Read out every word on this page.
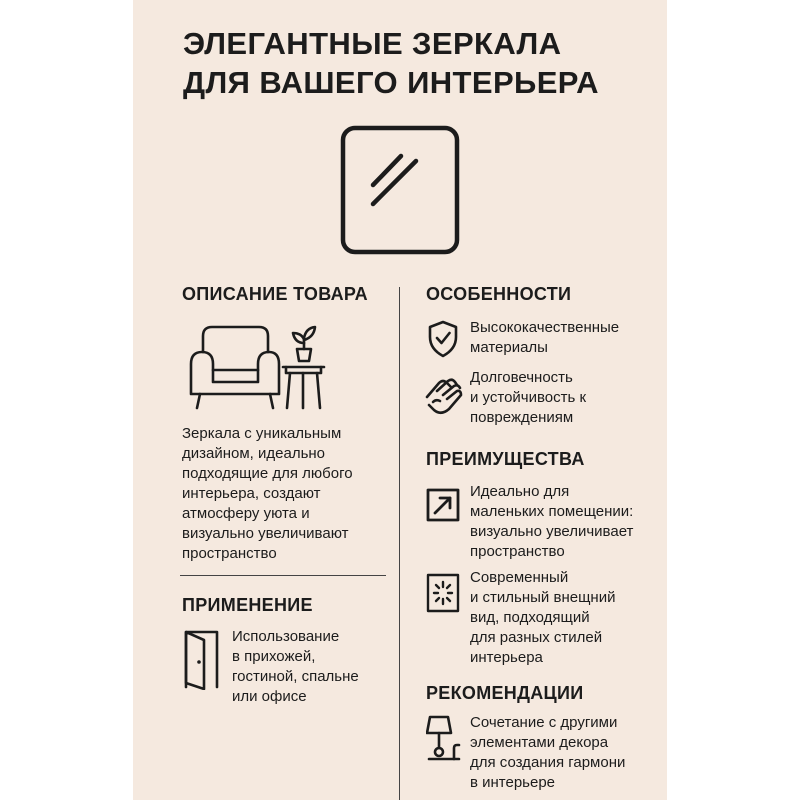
ЭЛЕГАНТНЫЕ ЗЕРКАЛА
ДЛЯ ВАШЕГО ИНТЕРЬЕРА
ОПИСАНИЕ ТОВАРА
Зеркала с уникальным
дизайном, идеально
подходящие для любого
интерьера, создают
атмосферу уюта и
визуально увеличивают
пространство
ПРИМЕНЕНИЕ
Использование
в прихожей,
гостиной, спальне
или офисе
ОСОБЕННОСТИ
Высококачественные
материалы
Долговечность
и устойчивость к
повреждениям
ПРЕИМУЩЕСТВА
Идеально для
маленьких помещении:
визуально увеличивает
пространство
Современный
и стильный внещний
вид, подходящий
для разных стилей
интерьера
РЕКОМЕНДАЦИИ
Сочетание с другими
элементами декора
для создания гармони
в интерьере
